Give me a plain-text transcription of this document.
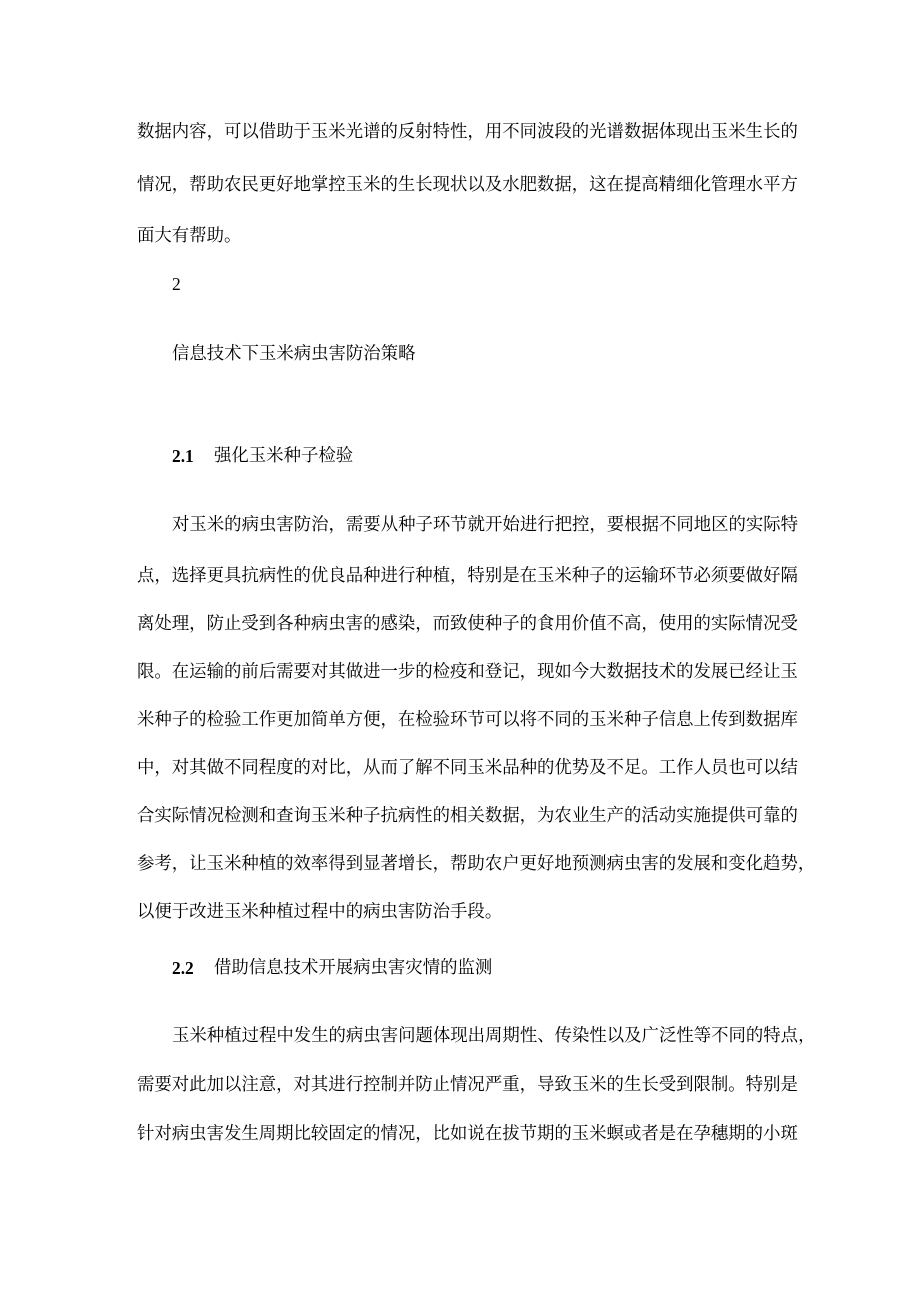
数据内容，可以借助于玉米光谱的反射特性，用不同波段的光谱数据体现出玉米生长的
情况，帮助农民更好地掌控玉米的生长现状以及水肥数据，这在提高精细化管理水平方
面大有帮助。
2
信息技术下玉米病虫害防治策略
2.1 强化玉米种子检验
对玉米的病虫害防治，需要从种子环节就开始进行把控，要根据不同地区的实际特
点，选择更具抗病性的优良品种进行种植，特别是在玉米种子的运输环节必须要做好隔
离处理，防止受到各种病虫害的感染，而致使种子的食用价值不高，使用的实际情况受
限。在运输的前后需要对其做进一步的检疫和登记，现如今大数据技术的发展已经让玉
米种子的检验工作更加简单方便，在检验环节可以将不同的玉米种子信息上传到数据库
中，对其做不同程度的对比，从而了解不同玉米品种的优势及不足。工作人员也可以结
合实际情况检测和查询玉米种子抗病性的相关数据，为农业生产的活动实施提供可靠的
参考，让玉米种植的效率得到显著增长，帮助农户更好地预测病虫害的发展和变化趋势，
以便于改进玉米种植过程中的病虫害防治手段。
2.2 借助信息技术开展病虫害灾情的监测
玉米种植过程中发生的病虫害问题体现出周期性、传染性以及广泛性等不同的特点，
需要对此加以注意，对其进行控制并防止情况严重，导致玉米的生长受到限制。特别是
针对病虫害发生周期比较固定的情况，比如说在拔节期的玉米螟或者是在孕穗期的小斑
